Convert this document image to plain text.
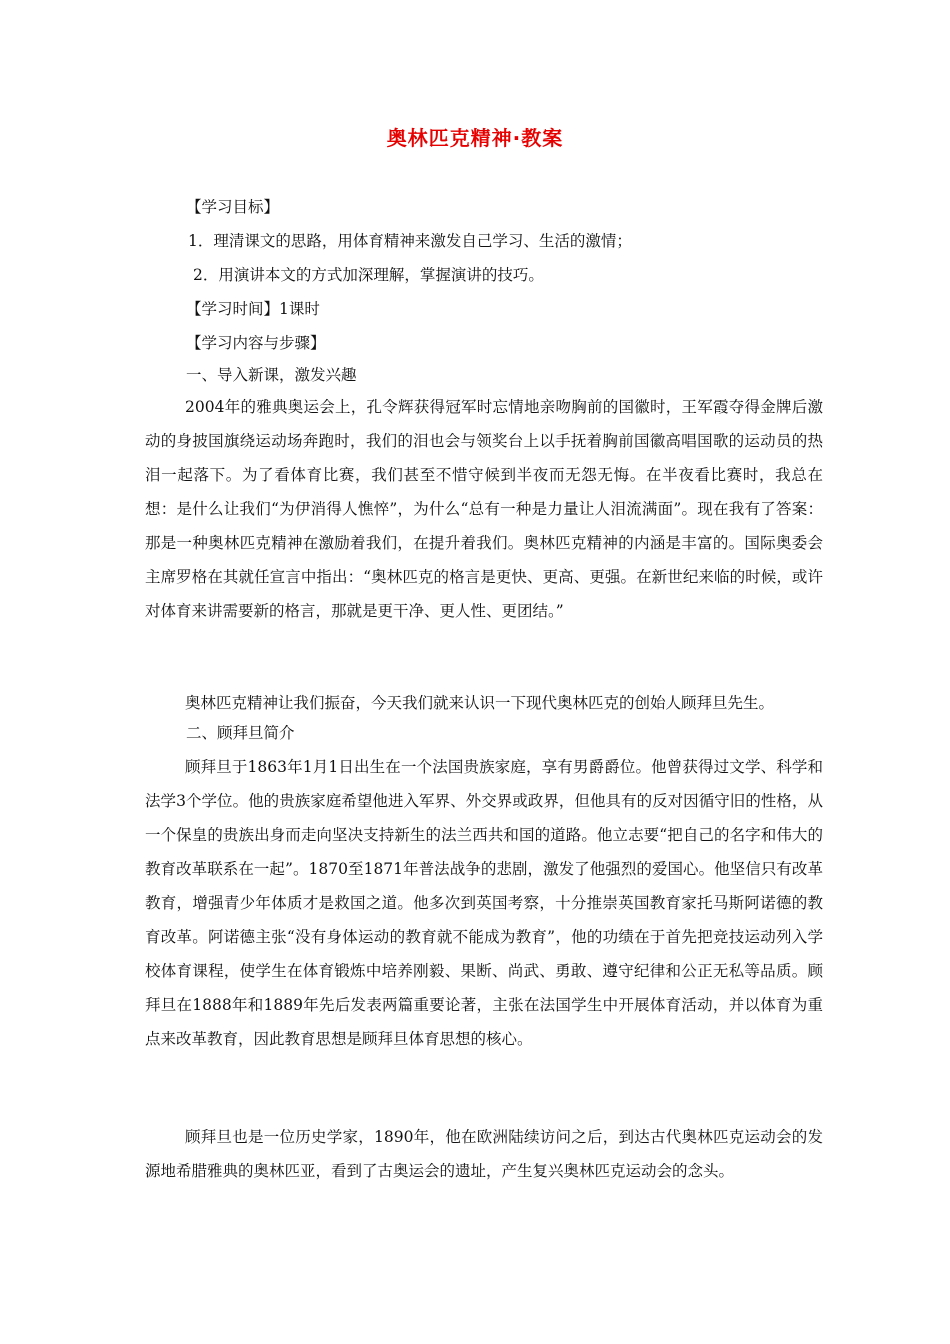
奥林匹克精神·教案
【学习目标】
1．理清课文的思路，用体育精神来激发自己学习、生活的激情；
2．用演讲本文的方式加深理解，掌握演讲的技巧。
【学习时间】1课时
【学习内容与步骤】
一、导入新课，激发兴趣
2004年的雅典奥运会上，孔令辉获得冠军时忘情地亲吻胸前的国徽时，王军霞夺得金牌后激动的身披国旗绕运动场奔跑时，我们的泪也会与领奖台上以手抚着胸前国徽高唱国歌的运动员的热泪一起落下。为了看体育比赛，我们甚至不惜守候到半夜而无怨无悔。在半夜看比赛时，我总在想：是什么让我们“为伊消得人憔悴”，为什么“总有一种是力量让人泪流满面”。现在我有了答案：那是一种奥林匹克精神在激励着我们，在提升着我们。奥林匹克精神的内涵是丰富的。国际奥委会主席罗格在其就任宣言中指出：“奥林匹克的格言是更快、更高、更强。在新世纪来临的时候，或许对体育来讲需要新的格言，那就是更干净、更人性、更团结。”
奥林匹克精神让我们振奋，今天我们就来认识一下现代奥林匹克的创始人顾拜旦先生。
二、顾拜旦简介
顾拜旦于1863年1月1日出生在一个法国贵族家庭，享有男爵爵位。他曾获得过文学、科学和法学3个学位。他的贵族家庭希望他进入军界、外交界或政界，但他具有的反对因循守旧的性格，从一个保皇的贵族出身而走向坚决支持新生的法兰西共和国的道路。他立志要“把自己的名字和伟大的教育改革联系在一起”。1870至1871年普法战争的悲剧，激发了他强烈的爱国心。他坚信只有改革教育，增强青少年体质才是救国之道。他多次到英国考察，十分推崇英国教育家托马斯阿诺德的教育改革。阿诺德主张“没有身体运动的教育就不能成为教育”，他的功绩在于首先把竞技运动列入学校体育课程，使学生在体育锻炼中培养刚毅、果断、尚武、勇敢、遵守纪律和公正无私等品质。顾拜旦在1888年和1889年先后发表两篇重要论著，主张在法国学生中开展体育活动，并以体育为重点来改革教育，因此教育思想是顾拜旦体育思想的核心。
顾拜旦也是一位历史学家，1890年，他在欧洲陆续访问之后，到达古代奥林匹克运动会的发源地希腊雅典的奥林匹亚，看到了古奥运会的遗址，产生复兴奥林匹克运动会的念头。
